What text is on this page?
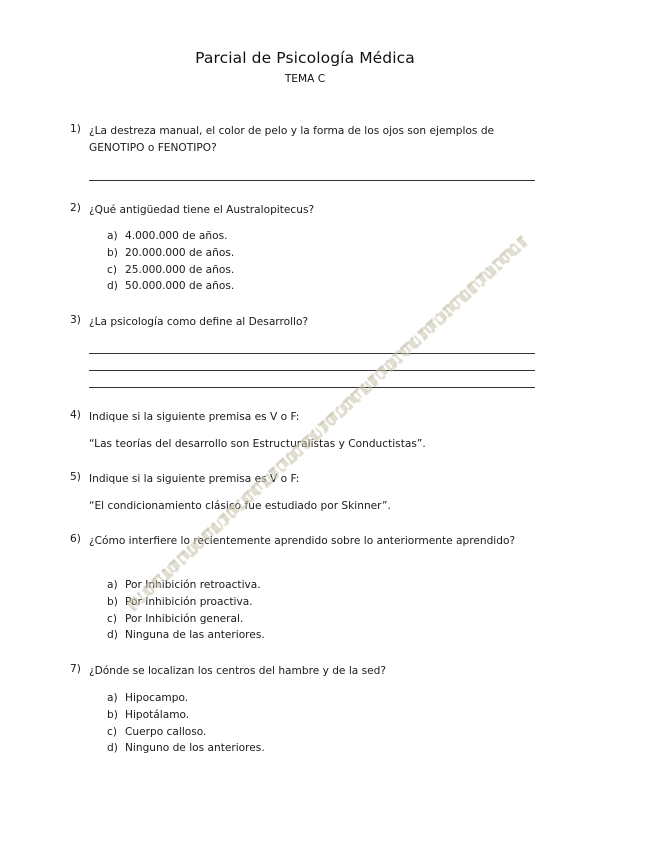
Parcial de Psicología Médica
TEMA C
1) ¿La destreza manual, el color de pelo y la forma de los ojos son ejemplos de GENOTIPO o FENOTIPO?
2) ¿Qué antigüedad tiene el Australopitecus?
a) 4.000.000 de años.
b) 20.000.000 de años.
c) 25.000.000 de años.
d) 50.000.000 de años.
3) ¿La psicología como define al Desarrollo?
4) Indique si la siguiente premisa es V o F:
“Las teorías del desarrollo son Estructuralistas y Conductistas”.
5) Indique si la siguiente premisa es V o F:
“El condicionamiento clásico fue estudiado por Skinner”.
6) ¿Cómo interfiere lo recientemente aprendido sobre lo anteriormente aprendido?
a) Por Inhibición retroactiva.
b) Por Inhibición proactiva.
c) Por Inhibición general.
d) Ninguna de las anteriores.
7) ¿Dónde se localizan los centros del hambre y de la sed?
a) Hipocampo.
b) Hipotálamo.
c) Cuerpo calloso.
d) Ninguno de los anteriores.
